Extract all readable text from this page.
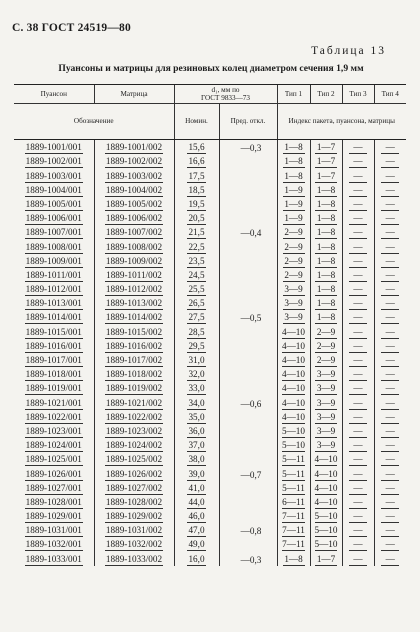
С. 38 ГОСТ 24519—80
Таблица 13
Пуансоны и матрицы для резиновых колец диаметром сечения 1,9 мм
Пуансон	Матрица	d₁, мм по
ГОСТ 9833—73		Тип 1	Тип 2	Тип 3	Тип 4
Обозначение		Номин.	Пред. откл.	Индекс пакета, пуансона, матрицы			
1889-1001/001	1889-1001/002	15,6	—0,3	1—8	1—7	—	—
1889-1002/001	1889-1002/002	16,6		1—8	1—7	—	—
1889-1003/001	1889-1003/002	17,5		1—8	1—7	—	—
1889-1004/001	1889-1004/002	18,5		1—9	1—8	—	—
1889-1005/001	1889-1005/002	19,5		1—9	1—8	—	—
1889-1006/001	1889-1006/002	20,5		1—9	1—8	—	—
1889-1007/001	1889-1007/002	21,5	—0,4	2—9	1—8	—	—
1889-1008/001	1889-1008/002	22,5		2—9	1—8	—	—
1889-1009/001	1889-1009/002	23,5		2—9	1—8	—	—
1889-1011/001	1889-1011/002	24,5		2—9	1—8	—	—
1889-1012/001	1889-1012/002	25,5		3—9	1—8	—	—
1889-1013/001	1889-1013/002	26,5		3—9	1—8	—	—
1889-1014/001	1889-1014/002	27,5	—0,5	3—9	1—8	—	—
1889-1015/001	1889-1015/002	28,5		4—10	2—9	—	—
1889-1016/001	1889-1016/002	29,5		4—10	2—9	—	—
1889-1017/001	1889-1017/002	31,0		4—10	2—9	—	—
1889-1018/001	1889-1018/002	32,0		4—10	3—9	—	—
1889-1019/001	1889-1019/002	33,0		4—10	3—9	—	—
1889-1021/001	1889-1021/002	34,0	—0,6	4—10	3—9	—	—
1889-1022/001	1889-1022/002	35,0		4—10	3—9	—	—
1889-1023/001	1889-1023/002	36,0		5—10	3—9	—	—
1889-1024/001	1889-1024/002	37,0		5—10	3—9	—	—
1889-1025/001	1889-1025/002	38,0		5—11	4—10	—	—
1889-1026/001	1889-1026/002	39,0	—0,7	5—11	4—10	—	—
1889-1027/001	1889-1027/002	41,0		5—11	4—10	—	—
1889-1028/001	1889-1028/002	44,0		6—11	4—10	—	—
1889-1029/001	1889-1029/002	46,0		7—11	5—10	—	—
1889-1031/001	1889-1031/002	47,0	—0,8	7—11	5—10	—	—
1889-1032/001	1889-1032/002	49,0		7—11	5—10	—	—
1889-1033/001	1889-1033/002	16,0	—0,3	1—8	1—7	—	—
